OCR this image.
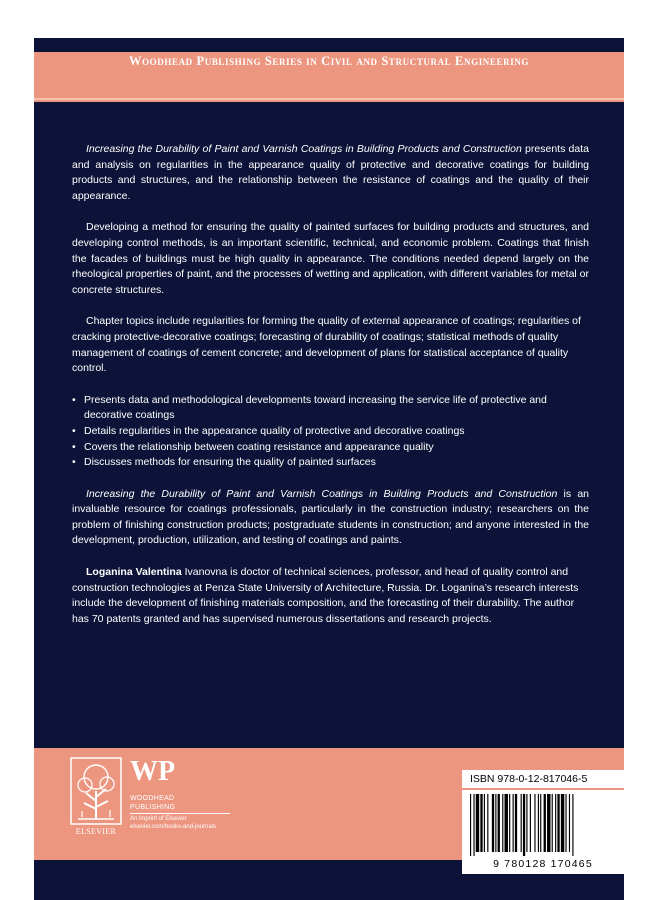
Woodhead Publishing Series in Civil and Structural Engineering

Increasing the Durability of Paint and Varnish Coatings in Building Products and Construction presents data and analysis on regularities in the appearance quality of protective and decorative coatings for building products and structures, and the relationship between the resistance of coatings and the quality of their appearance.

Developing a method for ensuring the quality of painted surfaces for building products and structures, and developing control methods, is an important scientific, technical, and economic problem. Coatings that finish the facades of buildings must be high quality in appearance. The conditions needed depend largely on the rheological properties of paint, and the processes of wetting and application, with different variables for metal or concrete structures.

Chapter topics include regularities for forming the quality of external appearance of coatings; regularities of cracking protective-decorative coatings; forecasting of durability of coatings; statistical methods of quality management of coatings of cement concrete; and development of plans for statistical acceptance of quality control.

• Presents data and methodological developments toward increasing the service life of protective and decorative coatings
• Details regularities in the appearance quality of protective and decorative coatings
• Covers the relationship between coating resistance and appearance quality
• Discusses methods for ensuring the quality of painted surfaces

Increasing the Durability of Paint and Varnish Coatings in Building Products and Construction is an invaluable resource for coatings professionals, particularly in the construction industry; researchers on the problem of finishing construction products; postgraduate students in construction; and anyone interested in the development, production, utilization, and testing of coatings and paints.

Loganina Valentina Ivanovna is doctor of technical sciences, professor, and head of quality control and construction technologies at Penza State University of Architecture, Russia. Dr. Loganina’s research interests include the development of finishing materials composition, and the forecasting of their durability. The author has 70 patents granted and has supervised numerous dissertations and research projects.

ELSEVIER
WP
WOODHEAD
PUBLISHING
An imprint of Elsevier
elsevier.com/books-and-journals
ISBN 978-0-12-817046-5
9 780128 170465
